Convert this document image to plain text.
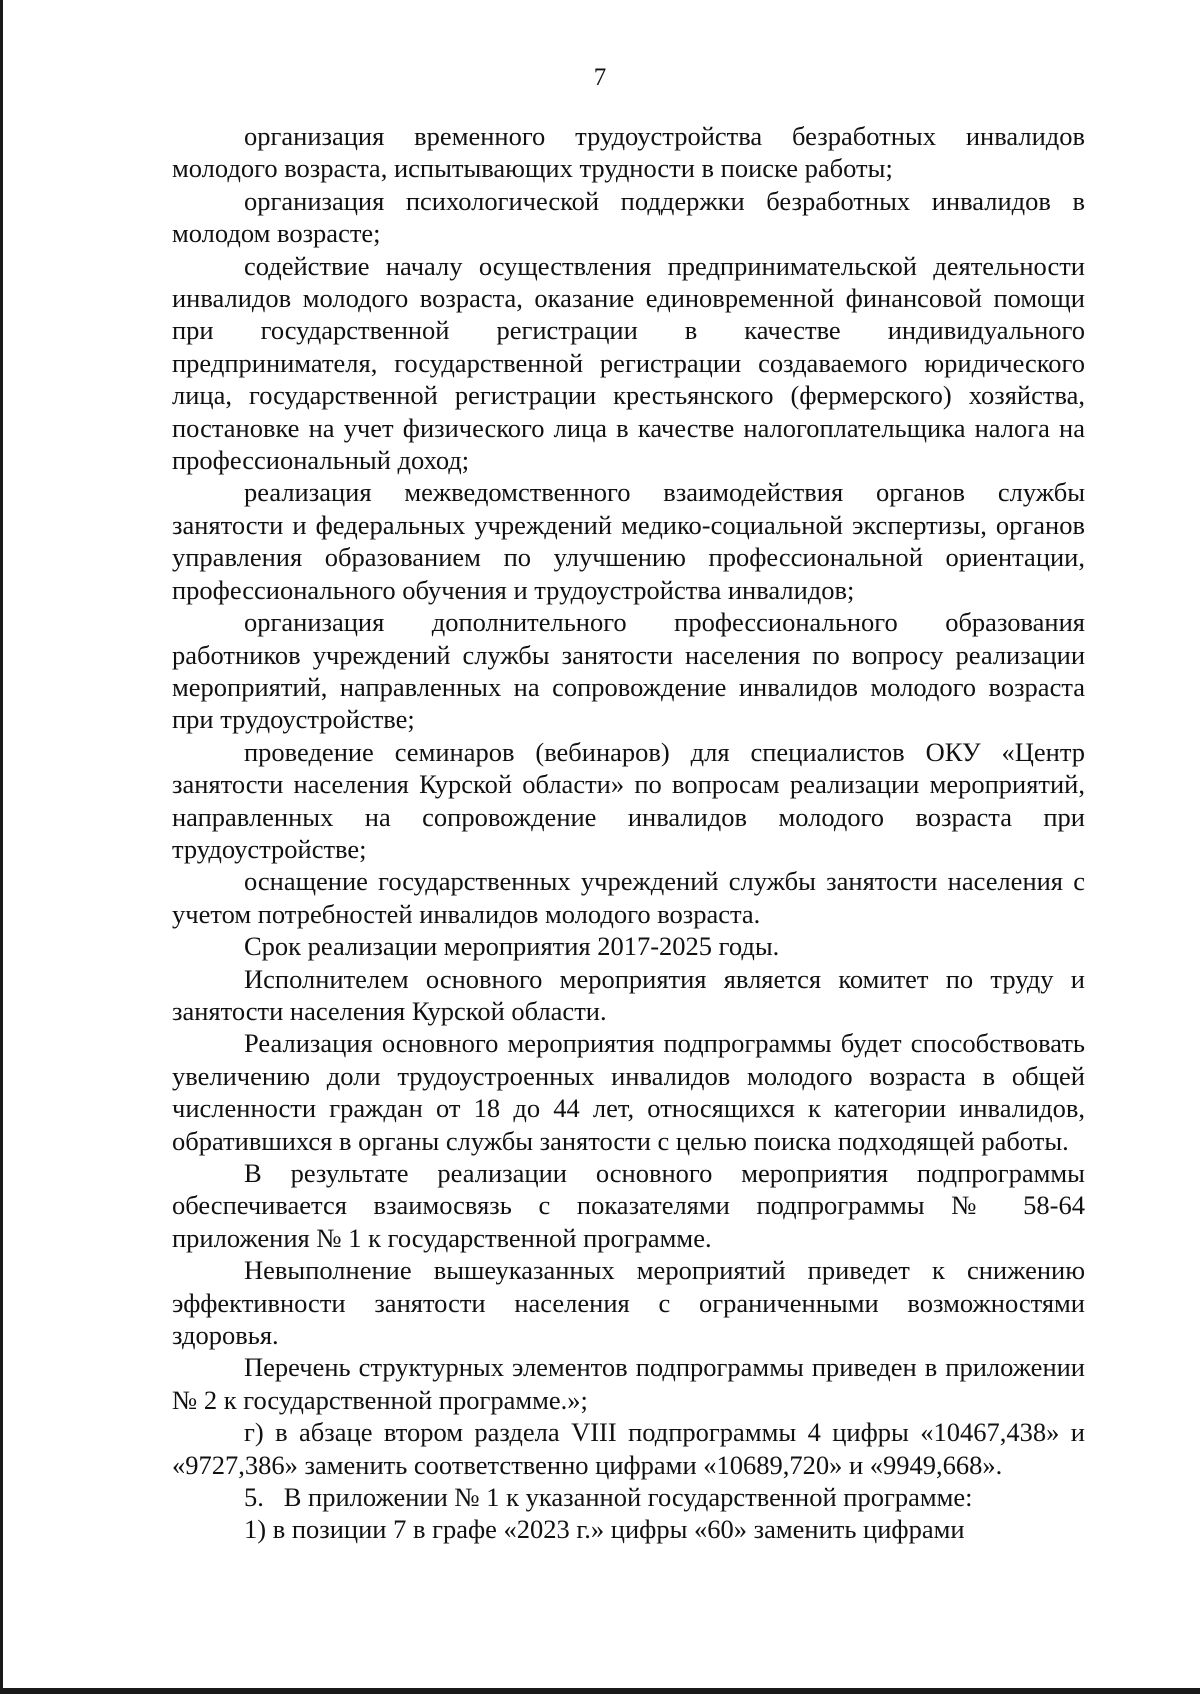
7

организация временного трудоустройства безработных инвалидов молодого возраста, испытывающих трудности в поиске работы;

организация психологической поддержки безработных инвалидов в молодом возрасте;

содействие началу осуществления предпринимательской деятельности инвалидов молодого возраста, оказание единовременной финансовой помощи при государственной регистрации в качестве индивидуального предпринимателя, государственной регистрации создаваемого юридического лица, государственной регистрации крестьянского (фермерского) хозяйства, постановке на учет физического лица в качестве налогоплательщика налога на профессиональный доход;

реализация межведомственного взаимодействия органов службы занятости и федеральных учреждений медико-социальной экспертизы, органов управления образованием по улучшению профессиональной ориентации, профессионального обучения и трудоустройства инвалидов;

организация дополнительного профессионального образования работников учреждений службы занятости населения по вопросу реализации мероприятий, направленных на сопровождение инвалидов молодого возраста при трудоустройстве;

проведение семинаров (вебинаров) для специалистов ОКУ «Центр занятости населения Курской области» по вопросам реализации мероприятий, направленных на сопровождение инвалидов молодого возраста при трудоустройстве;

оснащение государственных учреждений службы занятости населения с учетом потребностей инвалидов молодого возраста.

Срок реализации мероприятия 2017-2025 годы.

Исполнителем основного мероприятия является комитет по труду и занятости населения Курской области.

Реализация основного мероприятия подпрограммы будет способствовать увеличению доли трудоустроенных инвалидов молодого возраста в общей численности граждан от 18 до 44 лет, относящихся к категории инвалидов, обратившихся в органы службы занятости с целью поиска подходящей работы.

В результате реализации основного мероприятия подпрограммы обеспечивается взаимосвязь с показателями подпрограммы № 58-64 приложения № 1 к государственной программе.

Невыполнение вышеуказанных мероприятий приведет к снижению эффективности занятости населения с ограниченными возможностями здоровья.

Перечень структурных элементов подпрограммы приведен в приложении № 2 к государственной программе.»;

г) в абзаце втором раздела VIII подпрограммы 4 цифры «10467,438» и «9727,386» заменить соответственно цифрами «10689,720» и «9949,668».

5.   В приложении № 1 к указанной государственной программе:

1) в позиции 7 в графе «2023 г.» цифры «60» заменить цифрами
